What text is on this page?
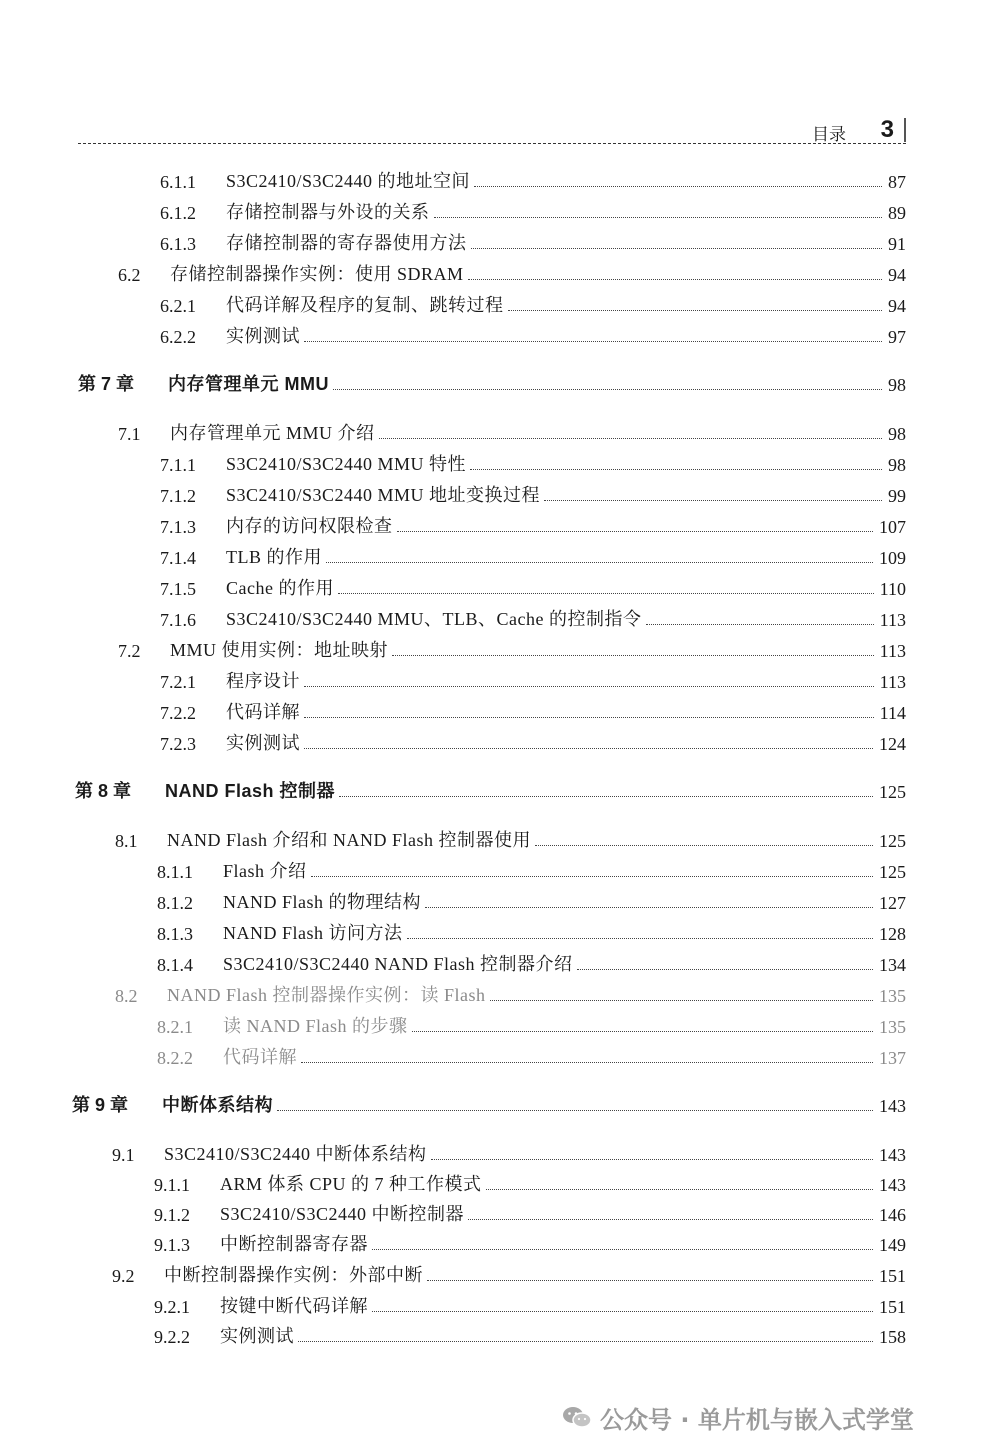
目录 3
6.1.1	S3C2410/S3C2440 的地址空间	87
6.1.2	存储控制器与外设的关系	89
6.1.3	存储控制器的寄存器使用方法	91
6.2	存储控制器操作实例：使用 SDRAM	94
6.2.1	代码详解及程序的复制、跳转过程	94
6.2.2	实例测试	97
第 7 章	内存管理单元 MMU	98
7.1	内存管理单元 MMU 介绍	98
7.1.1	S3C2410/S3C2440 MMU 特性	98
7.1.2	S3C2410/S3C2440 MMU 地址变换过程	99
7.1.3	内存的访问权限检查	107
7.1.4	TLB 的作用	109
7.1.5	Cache 的作用	110
7.1.6	S3C2410/S3C2440 MMU、TLB、Cache 的控制指令	113
7.2	MMU 使用实例：地址映射	113
7.2.1	程序设计	113
7.2.2	代码详解	114
7.2.3	实例测试	124
第 8 章	NAND Flash 控制器	125
8.1	NAND Flash 介绍和 NAND Flash 控制器使用	125
8.1.1	Flash 介绍	125
8.1.2	NAND Flash 的物理结构	127
8.1.3	NAND Flash 访问方法	128
8.1.4	S3C2410/S3C2440 NAND Flash 控制器介绍	134
8.2	NAND Flash 控制器操作实例：读 Flash	135
8.2.1	读 NAND Flash 的步骤	135
8.2.2	代码详解	137
第 9 章	中断体系结构	143
9.1	S3C2410/S3C2440 中断体系结构	143
9.1.1	ARM 体系 CPU 的 7 种工作模式	143
9.1.2	S3C2410/S3C2440 中断控制器	146
9.1.3	中断控制器寄存器	149
9.2	中断控制器操作实例：外部中断	151
9.2.1	按键中断代码详解	151
9.2.2	实例测试	158
公众号 · 单片机与嵌入式学堂
